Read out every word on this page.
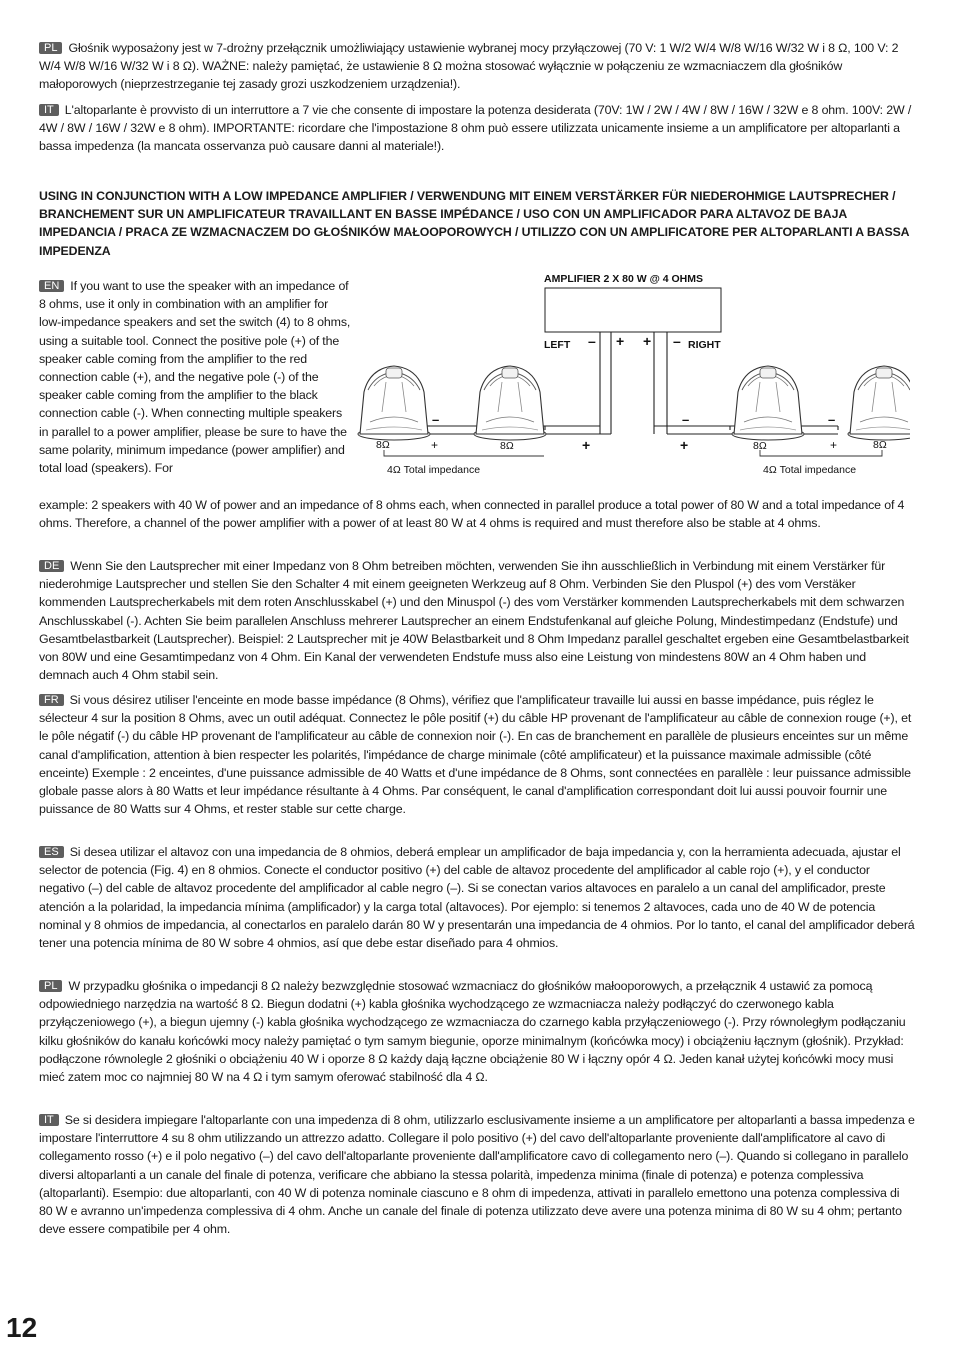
PL Głośnik wyposażony jest w 7-drożny przełącznik umożliwiający ustawienie wybranej mocy przyłączowej (70 V: 1 W/2 W/4 W/8 W/16 W/32 W i 8 Ω, 100 V: 2 W/4 W/8 W/16 W/32 W i 8 Ω). WAŻNE: należy pamiętać, że ustawienie 8 Ω można stosować wyłącznie w połączeniu ze wzmacniaczem dla głośników małoporowych (nieprzestrzeganie tej zasady grozi uszkodzeniem urządzenia!).
IT L'altoparlante è provvisto di un interruttore a 7 vie che consente di impostare la potenza desiderata (70V: 1W / 2W / 4W / 8W / 16W / 32W e 8 ohm. 100V: 2W / 4W / 8W / 16W / 32W e 8 ohm). IMPORTANTE: ricordare che l'impostazione 8 ohm può essere utilizzata unicamente insieme a un amplificatore per altoparlanti a bassa impedenza (la mancata osservanza può causare danni al materiale!).
USING IN CONJUNCTION WITH A LOW IMPEDANCE AMPLIFIER / VERWENDUNG MIT EINEM VERSTÄRKER FÜR NIEDEROHMIGE LAUTSPRECHER / BRANCHEMENT SUR UN AMPLIFICATEUR TRAVAILLANT EN BASSE IMPÉDANCE / USO CON UN AMPLIFICADOR PARA ALTAVOZ DE BAJA IMPEDANCIA / PRACA ZE WZMACNACZEM DO GŁOŚNIKÓW MAŁOOPOROWYCH / UTILIZZO CON UN AMPLIFICATORE PER ALTOPARLANTI A BASSA IMPEDENZA
EN If you want to use the speaker with an impedance of 8 ohms, use it only in combination with an amplifier for low-impedance speakers and set the switch (4) to 8 ohms, using a suitable tool. Connect the positive pole (+) of the speaker cable coming from the amplifier to the red connection cable (+), and the negative pole (-) of the speaker cable coming from the amplifier to the black connection cable (-). When connecting multiple speakers in parallel to a power amplifier, please be sure to have the same polarity, minimum impedance (power amplifier) and total load (speakers). For
example: 2 speakers with 40 W of power and an impedance of 8 ohms each, when connected in parallel produce a total power of 80 W and a total impedance of 4 ohms. Therefore, a channel of the power amplifier with a power of at least 80 W at 4 ohms is required and must therefore also be stable at 4 ohms.
AMPLIFIER 2 X 80 W @ 4 OHMS
LEFT	RIGHT
– + + –
–
+	+	+
–	–
+
8Ω	8Ω	8Ω	8Ω
4Ω Total impedance	4Ω Total impedance
DE Wenn Sie den Lautsprecher mit einer Impedanz von 8 Ohm betreiben möchten, verwenden Sie ihn ausschließlich in Verbindung mit einem Verstärker für niederohmige Lautsprecher und stellen Sie den Schalter 4 mit einem geeigneten Werkzeug auf 8 Ohm. Verbinden Sie den Pluspol (+) des vom Verstäker kommenden Lautsprecherkabels mit dem roten Anschlusskabel (+) und den Minuspol (-) des vom Verstärker kommenden Lautsprecherkabels mit dem schwarzen Anschlusskabel (-). Achten Sie beim parallelen Anschluss mehrerer Lautsprecher an einem Endstufenkanal auf gleiche Polung, Mindestimpedanz (Endstufe) und Gesamtbelastbarkeit (Lautsprecher). Beispiel: 2 Lautsprecher mit je 40W Belastbarkeit und 8 Ohm Impedanz parallel geschaltet ergeben eine Gesamtbelastbarkeit von 80W und eine Gesamtimpedanz von 4 Ohm. Ein Kanal der verwendeten Endstufe muss also eine Leistung von mindestens 80W an 4 Ohm haben und demnach auch 4 Ohm stabil sein.
FR Si vous désirez utiliser l'enceinte en mode basse impédance (8 Ohms), vérifiez que l'amplificateur travaille lui aussi en basse impédance, puis réglez le sélecteur 4 sur la position 8 Ohms, avec un outil adéquat. Connectez le pôle positif (+) du câble HP provenant de l'amplificateur au câble de connexion rouge (+), et le pôle négatif (-) du câble HP provenant de l'amplificateur au câble de connexion noir (-). En cas de branchement en parallèle de plusieurs enceintes sur un même canal d'amplification, attention à bien respecter les polarités, l'impédance de charge minimale (côté amplificateur) et la puissance maximale admissible (côté enceinte) Exemple : 2 enceintes, d'une puissance admissible de 40 Watts et d'une impédance de 8 Ohms, sont connectées en parallèle : leur puissance admissible globale passe alors à 80 Watts et leur impédance résultante à 4 Ohms. Par conséquent, le canal d'amplification correspondant doit lui aussi pouvoir fournir une puissance de 80 Watts sur 4 Ohms, et rester stable sur cette charge.
ES Si desea utilizar el altavoz con una impedancia de 8 ohmios, deberá emplear un amplificador de baja impedancia y, con la herramienta adecuada, ajustar el selector de potencia (Fig. 4) en 8 ohmios. Conecte el conductor positivo (+) del cable de altavoz procedente del amplificador al cable rojo (+), y el conductor negativo (–) del cable de altavoz procedente del amplificador al cable negro (–). Si se conectan varios altavoces en paralelo a un canal del amplificador, preste atención a la polaridad, la impedancia mínima (amplificador) y la carga total (altavoces). Por ejemplo: si tenemos 2 altavoces, cada uno de 40 W de potencia nominal y 8 ohmios de impedancia, al conectarlos en paralelo darán 80 W y presentarán una impedancia de 4 ohmios. Por lo tanto, el canal del amplificador deberá tener una potencia mínima de 80 W sobre 4 ohmios, así que debe estar diseñado para 4 ohmios.
PL W przypadku głośnika o impedancji 8 Ω należy bezwzględnie stosować wzmacniacz do głośników małooporowych, a przełącznik 4 ustawić za pomocą odpowiedniego narzędzia na wartość 8 Ω. Biegun dodatni (+) kabla głośnika wychodzącego ze wzmacniacza należy podłączyć do czerwonego kabla przyłączeniowego (+), a biegun ujemny (-) kabla głośnika wychodzącego ze wzmacniacza do czarnego kabla przyłączeniowego (-). Przy równoległym podłączaniu kilku głośników do kanału końcówki mocy należy pamiętać o tym samym biegunie, oporze minimalnym (końcówka mocy) i obciążeniu łącznym (głośnik). Przykład: podłączone równolegle 2 głośniki o obciążeniu 40 W i oporze 8 Ω każdy dają łączne obciążenie 80 W i łączny opór 4 Ω. Jeden kanał użytej końcówki mocy musi mieć zatem moc co najmniej 80 W na 4 Ω i tym samym oferować stabilność dla 4 Ω.
IT Se si desidera impiegare l'altoparlante con una impedenza di 8 ohm, utilizzarlo esclusivamente insieme a un amplificatore per altoparlanti a bassa impedenza e impostare l'interruttore 4 su 8 ohm utilizzando un attrezzo adatto. Collegare il polo positivo (+) del cavo dell'altoparlante proveniente dall'amplificatore al cavo di collegamento rosso (+) e il polo negativo (–) del cavo dell'altoparlante proveniente dall'amplificatore cavo di collegamento nero (–). Quando si collegano in parallelo diversi altoparlanti a un canale del finale di potenza, verificare che abbiano la stessa polarità, impedenza minima (finale di potenza) e potenza complessiva (altoparlanti). Esempio: due altoparlanti, con 40 W di potenza nominale ciascuno e 8 ohm di impedenza, attivati in parallelo emettono una potenza complessiva di 80 W e avranno un'impedenza complessiva di 4 ohm. Anche un canale del finale di potenza utilizzato deve avere una potenza minima di 80 W su 4 ohm; pertanto deve essere compatibile per 4 ohm.
12
